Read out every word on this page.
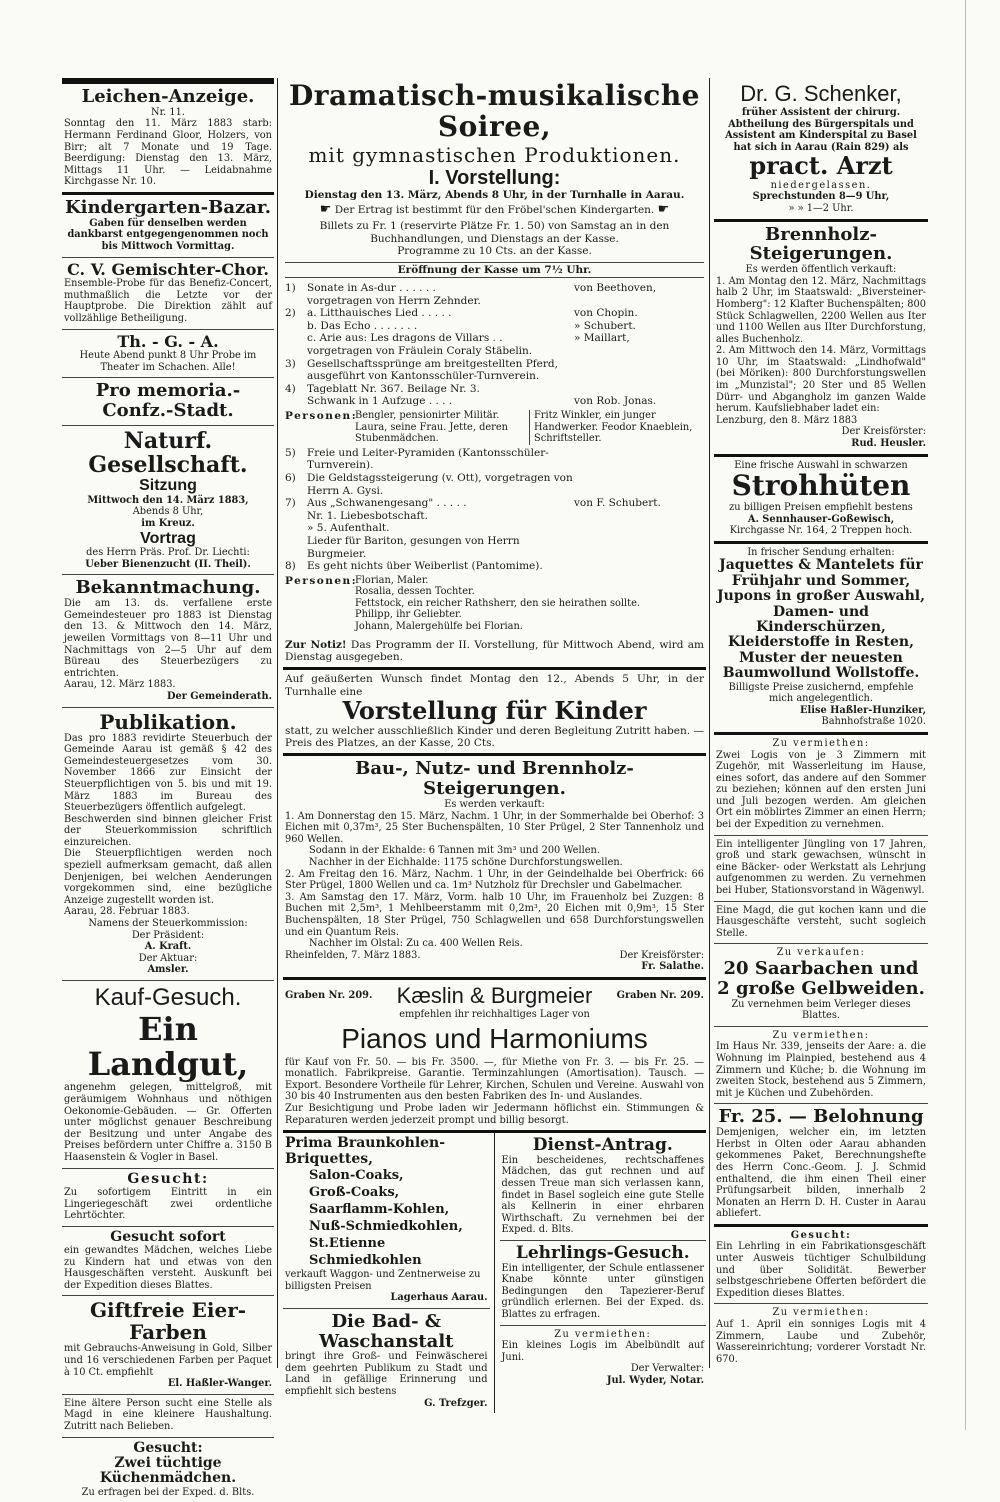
Leichen-Anzeige.
Nr. 11.
Sonntag den 11. März 1883 starb: Hermann Ferdinand Gloor, Holzers, von Birr; alt 7 Monate und 19 Tage. Beerdigung: Dienstag den 13. März, Mittags 11 Uhr. — Leidabnahme Kirchgasse Nr. 10.
Kindergarten-Bazar.
Gaben für denselben werden dankbarst entgegengenommen noch bis Mittwoch Vormittag.
C. V. Gemischter-Chor.
Ensemble-Probe für das Benefiz-Concert, muthmaßlich die Letzte vor der Hauptprobe. Die Direktion zählt auf vollzählige Betheiligung.
Th. - G. - A.
Heute Abend punkt 8 Uhr Probe im Theater im Schachen. Alle!
Pro memoria.-Confz.-Stadt.
Naturf. Gesellschaft.
Sitzung
Mittwoch den 14. März 1883,
Abends 8 Uhr,
im Kreuz.
Vortrag
des Herrn Präs. Prof. Dr. Liechti:
Ueber Bienenzucht (II. Theil).
Bekanntmachung.
Die am 13. ds. verfallene erste Gemeindesteuer pro 1883 ist Dienstag den 13. & Mittwoch den 14. März, jeweilen Vormittags von 8—11 Uhr und Nachmittags von 2—5 Uhr auf dem Büreau des Steuerbezügers zu entrichten.
Aarau, 12. März 1883.
Der Gemeinderath.
Publikation.
Das pro 1883 revidirte Steuerbuch der Gemeinde Aarau ist gemäß § 42 des Gemeindesteuergesetzes vom 30. November 1866 zur Einsicht der Steuerpflichtigen von 5. bis und mit 19. März 1883 im Bureau des Steuerbezügers öffentlich aufgelegt.
Beschwerden sind binnen gleicher Frist der Steuerkommission schriftlich einzureichen.
Die Steuerpflichtigen werden noch speziell aufmerksam gemacht, daß allen Denjenigen, bei welchen Aenderungen vorgekommen sind, eine bezügliche Anzeige zugestellt worden ist.
Aarau, 28. Februar 1883.
Namens der Steuerkommission:
Der Präsident:
A. Kraft.
Der Aktuar:
Amsler.
Kauf-Gesuch.
Ein Landgut,
angenehm gelegen, mittelgroß, mit geräumigem Wohnhaus und nöthigen Oekonomie-Gebäuden. — Gr. Offerten unter möglichst genauer Beschreibung der Besitzung und unter Angabe des Preises befördern unter Chiffre a. 3150 B Haasenstein & Vogler in Basel.
Gesucht:
Zu sofortigem Eintritt in ein Lingeriegeschäft zwei ordentliche Lehrtöchter.
Gesucht sofort
ein gewandtes Mädchen, welches Liebe zu Kindern hat und etwas von den Hausgeschäften versteht. Auskunft bei der Expedition dieses Blattes.
Giftfreie Eier-Farben
mit Gebrauchs-Anweisung in Gold, Silber und 16 verschiedenen Farben per Paquet à 10 Ct. empfiehlt
El. Haßler-Wanger.
Eine ältere Person sucht eine Stelle als Magd in eine kleinere Haushaltung. Zutritt nach Belieben.
Gesucht:
Zwei tüchtige Küchenmädchen.
Zu erfragen bei der Exped. d. Blts.
Dramatisch-musikalische Soiree,
mit gymnastischen Produktionen.
I. Vorstellung:
Dienstag den 13. März, Abends 8 Uhr, in der Turnhalle in Aarau.
☛ Der Ertrag ist bestimmt für den Fröbel'schen Kindergarten. ☛
Billets zu Fr. 1 (reservirte Plätze Fr. 1. 50) von Samstag an in den Buchhandlungen, und Dienstags an der Kasse.
Programme zu 10 Cts. an der Kasse.
Eröffnung der Kasse um 7½ Uhr.
1)	Sonate in As-dur . . . . . .	von Beethoven,
vorgetragen von Herrn Zehnder.
2)	a. Litthauisches Lied . . . . .	von Chopin.
b. Das Echo . . . . . . .	» Schubert.
c. Arie aus: Les dragons de Villars . .	» Maillart,
vorgetragen von Fräulein Coraly Stäbelin.
3)	Gesellschaftssprünge am breitgestellten Pferd, ausgeführt von Kantonsschüler-Turnverein.
4)	Tageblatt Nr. 367. Beilage Nr. 3.
Schwank in 1 Aufzuge . . . .	von Rob. Jonas.
Personen:
Bengler, pensionirter Militär. Laura, seine Frau. Jette, deren Stubenmädchen.
Fritz Winkler, ein junger Handwerker. Feodor Knaeblein, Schriftsteller.
5)	Freie und Leiter-Pyramiden (Kantonsschüler-Turnverein).
6)	Die Geldstagssteigerung (v. Ott), vorgetragen von Herrn A. Gysi.
7)	Aus „Schwanengesang" . . . . .	von F. Schubert.
Nr. 1. Liebesbotschaft.
» 5. Aufenthalt.
Lieder für Bariton, gesungen von Herrn Burgmeier.
8)	Es geht nichts über Weiberlist (Pantomime).
Personen:
Florian, Maler.
Rosalia, dessen Tochter.
Fettstock, ein reicher Rathsherr, den sie heirathen sollte.
Philipp, ihr Geliebter.
Johann, Malergehülfe bei Florian.
Zur Notiz! Das Programm der II. Vorstellung, für Mittwoch Abend, wird am Dienstag ausgegeben.
Auf geäußerten Wunsch findet Montag den 12., Abends 5 Uhr, in der Turnhalle eine
Vorstellung für Kinder
statt, zu welcher ausschließlich Kinder und deren Begleitung Zutritt haben. — Preis des Platzes, an der Kasse, 20 Cts.
Bau-, Nutz- und Brennholz-Steigerungen.
Es werden verkauft:
1. Am Donnerstag den 15. März, Nachm. 1 Uhr, in der Sommerhalde bei Oberhof: 3 Eichen mit 0,37m³, 25 Ster Buchenspälten, 10 Ster Prügel, 2 Ster Tannenholz und 960 Wellen.
Sodann in der Ekhalde: 6 Tannen mit 3m³ und 200 Wellen.
Nachher in der Eichhalde: 1175 schöne Durchforstungswellen.
2. Am Freitag den 16. März, Nachm. 1 Uhr, in der Geindelhalde bei Oberfrick: 66 Ster Prügel, 1800 Wellen und ca. 1m³ Nutzholz für Drechsler und Gabelmacher.
3. Am Samstag den 17. März, Vorm. halb 10 Uhr, im Frauenholz bei Zuzgen: 8 Buchen mit 2,5m³, 1 Mehlbeerstamm mit 0,2m³, 20 Eichen mit 0,9m³, 15 Ster Buchenspälten, 18 Ster Prügel, 750 Schlagwellen und 658 Durchforstungswellen und ein Quantum Reis.
Nachher im Olstal: Zu ca. 400 Wellen Reis.
Rheinfelden, 7. März 1883.	Der Kreisförster:
Fr. Salathe.
Graben Nr. 209. Kæslin & Burgmeier Graben Nr. 209.
empfehlen ihr reichhaltiges Lager von
Pianos und Harmoniums
für Kauf von Fr. 50. — bis Fr. 3500. —, für Miethe von Fr. 3. — bis Fr. 25. — monatlich. Fabrikpreise. Garantie. Terminzahlungen (Amortisation). Tausch. — Export. Besondere Vortheile für Lehrer, Kirchen, Schulen und Vereine. Auswahl von 30 bis 40 Instrumenten aus den besten Fabriken des In- und Auslandes.
Zur Besichtigung und Probe laden wir Jedermann höflichst ein. Stimmungen & Reparaturen werden jederzeit prompt und billig besorgt.
Prima Braunkohlen-Briquettes,
Salon-Coaks,
Groß-Coaks,
Saarflamm-Kohlen,
Nuß-Schmiedkohlen,
St.Etienne Schmiedkohlen
verkauft Waggon- und Zentnerweise zu billigsten Preisen
Lagerhaus Aarau.
Die Bad- & Waschanstalt
bringt ihre Groß- und Feinwäscherei dem geehrten Publikum zu Stadt und Land in gefällige Erinnerung und empfiehlt sich bestens
G. Trefzger.
Dienst-Antrag.
Ein bescheidenes, rechtschaffenes Mädchen, das gut rechnen und auf dessen Treue man sich verlassen kann, findet in Basel sogleich eine gute Stelle als Kellnerin in einer ehrbaren Wirthschaft. Zu vernehmen bei der Exped. d. Blts.
Lehrlings-Gesuch.
Ein intelligenter, der Schule entlassener Knabe könnte unter günstigen Bedingungen den Tapezierer-Beruf gründlich erlernen. Bei der Exped. ds. Blattes zu erfragen.
Zu vermiethen:
Ein kleines Logis im Abelbündlt auf Juni.
Der Verwalter:
Jul. Wyder, Notar.
Dr. G. Schenker,
früher Assistent der chirurg. Abtheilung des Bürgerspitals und Assistent am Kinderspital zu Basel hat sich in Aarau (Rain 829) als
pract. Arzt
niedergelassen.
Sprechstunden 8—9 Uhr,
» » 1—2 Uhr.
Brennholz-Steigerungen.
Es werden öffentlich verkauft:
1. Am Montag den 12. März, Nachmittags halb 2 Uhr, im Staatswald: „Biversteiner-Homberg": 12 Klafter Buchenspälten; 800 Stück Schlagwellen, 2200 Wellen aus Iter und 1100 Wellen aus IIter Durchforstung, alles Buchenholz.
2. Am Mittwoch den 14. März, Vormittags 10 Uhr, im Staatswald: „Lindhofwald" (bei Möriken): 800 Durchforstungswellen im „Munzistal"; 20 Ster und 85 Wellen Dürr- und Abgangholz im ganzen Walde herum. Kaufsliebhaber ladet ein:
Lenzburg, den 8. März 1883
Der Kreisförster:
Rud. Heusler.
Eine frische Auswahl in schwarzen
Strohhüten
zu billigen Preisen empfiehlt bestens
A. Sennhauser-Goßewisch,
Kirchgasse Nr. 164, 2 Treppen hoch.
In frischer Sendung erhalten:
Jaquettes & Mantelets für Frühjahr und Sommer,
Jupons in großer Auswahl, Damen- und Kinderschürzen, Kleiderstoffe in Resten, Muster der neuesten Baumwollund Wollstoffe.
Billigste Preise zusichernd, empfehle mich angelegentlich.
Elise Haßler-Hunziker,
Bahnhofstraße 1020.
Zu vermiethen:
Zwei Logis von je 3 Zimmern mit Zugehör, mit Wasserleitung im Hause, eines sofort, das andere auf den Sommer zu beziehen; können auf den ersten Juni und Juli bezogen werden. Am gleichen Ort ein möblirtes Zimmer an einen Herrn; bei der Expedition zu vernehmen.
Ein intelligenter Jüngling von 17 Jahren, groß und stark gewachsen, wünscht in eine Bäcker- oder Werkstatt als Lehrjung aufgenommen zu werden. Zu vernehmen bei Huber, Stationsvorstand in Wägenwyl.
Eine Magd, die gut kochen kann und die Hausgeschäfte versteht, sucht sogleich Stelle.
Zu verkaufen:
20 Saarbachen und 2 große Gelbweiden.
Zu vernehmen beim Verleger dieses Blattes.
Zu vermiethen:
Im Haus Nr. 339, jenseits der Aare: a. die Wohnung im Plainpied, bestehend aus 4 Zimmern und Küche; b. die Wohnung im zweiten Stock, bestehend aus 5 Zimmern, mit je Küchen und Zubehörden.
Fr. 25. — Belohnung
Demjenigen, welcher ein, im letzten Herbst in Olten oder Aarau abhanden gekommenes Paket, Berechnungshefte des Herrn Conc.-Geom. J. J. Schmid enthaltend, die ihm einen Theil einer Prüfungsarbeit bilden, innerhalb 2 Monaten an Herrn D. H. Custer in Aarau abliefert.
Gesucht:
Ein Lehrling in ein Fabrikationsgeschäft unter Ausweis tüchtiger Schulbildung und über Solidität. Bewerber selbstgeschriebene Offerten befördert die Expedition dieses Blattes.
Zu vermiethen:
Auf 1. April ein sonniges Logis mit 4 Zimmern, Laube und Zubehör, Wassereinrichtung; vorderer Vorstadt Nr. 670.
